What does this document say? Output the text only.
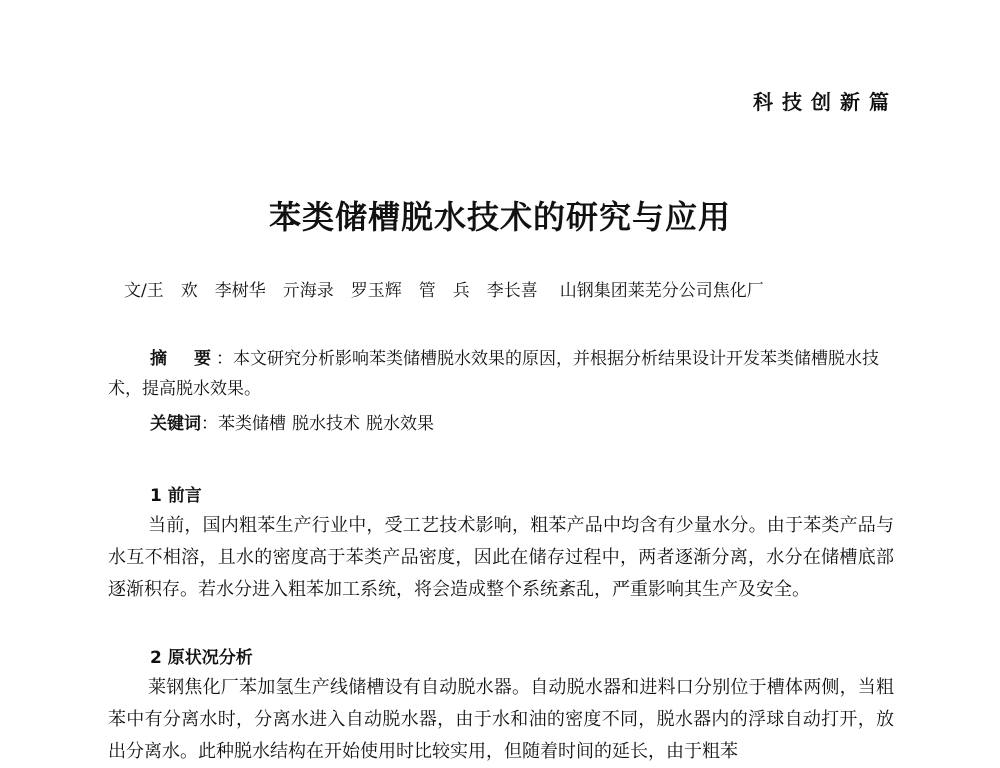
科技创新篇
苯类储槽脱水技术的研究与应用
文/王　欢 李树华 亓海录 罗玉辉 管　兵 李长喜 山钢集团莱芜分公司焦化厂
摘　要：本文研究分析影响苯类储槽脱水效果的原因，并根据分析结果设计开发苯类储槽脱水技术，提高脱水效果。
关键词：苯类储槽 脱水技术 脱水效果
1 前言
当前，国内粗苯生产行业中，受工艺技术影响，粗苯产品中均含有少量水分。由于苯类产品与水互不相溶，且水的密度高于苯类产品密度，因此在储存过程中，两者逐渐分离，水分在储槽底部逐渐积存。若水分进入粗苯加工系统，将会造成整个系统紊乱，严重影响其生产及安全。
2 原状况分析
莱钢焦化厂苯加氢生产线储槽设有自动脱水器。自动脱水器和进料口分别位于槽体两侧，当粗苯中有分离水时，分离水进入自动脱水器，由于水和油的密度不同，脱水器内的浮球自动打开，放出分离水。此种脱水结构在开始使用时比较实用，但随着时间的延长，由于粗苯
